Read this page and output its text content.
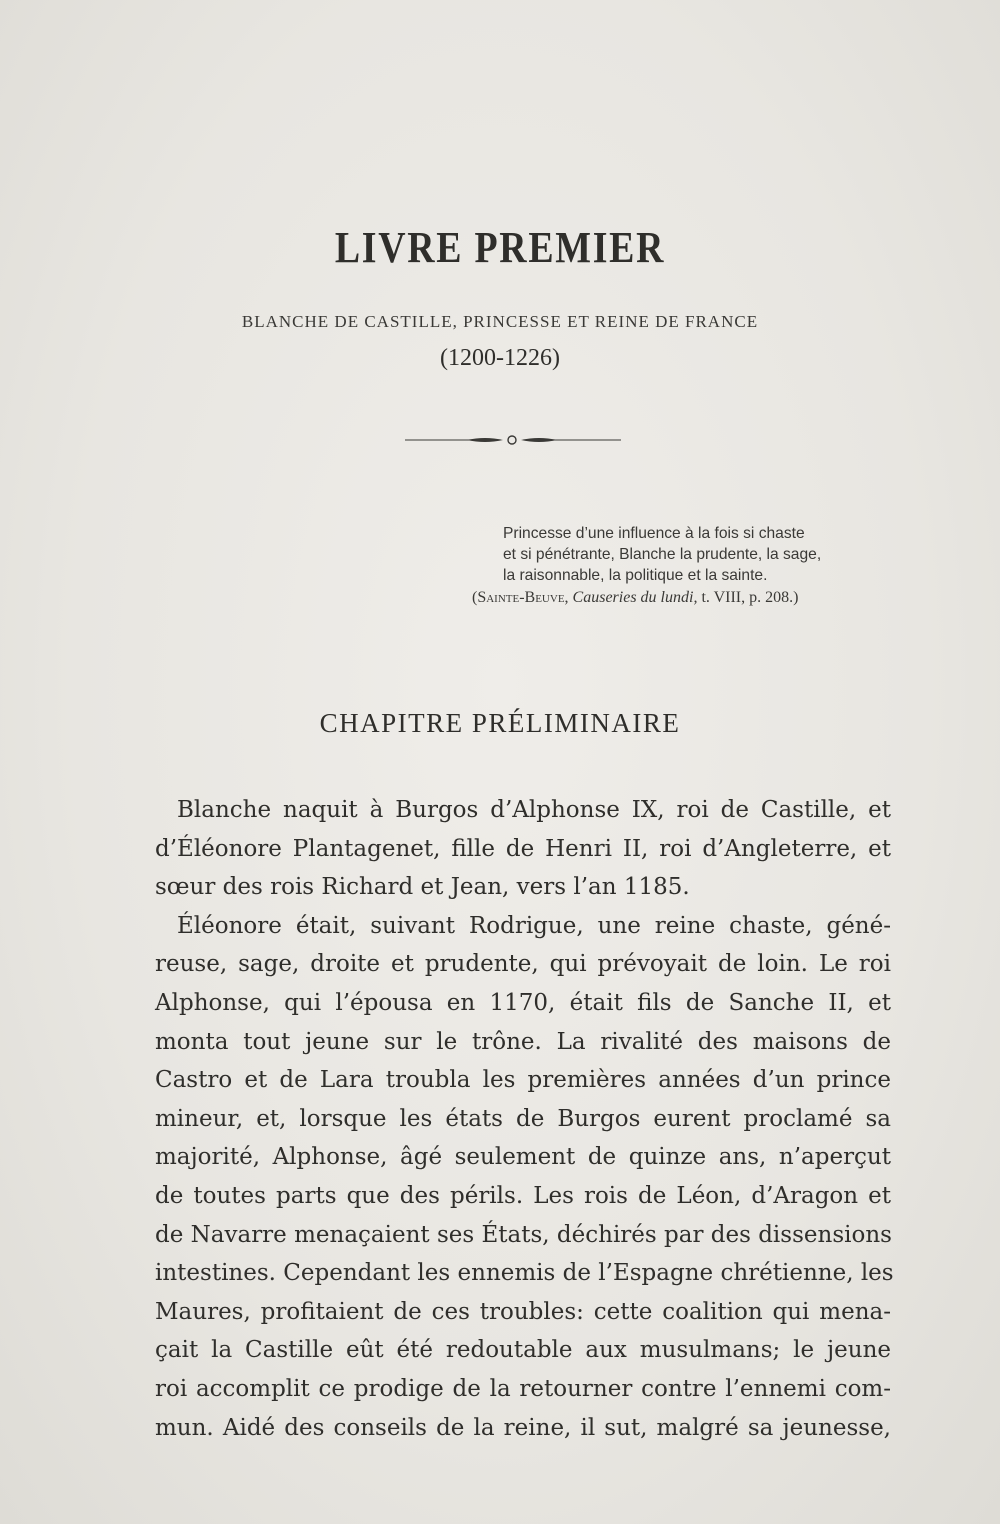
LIVRE PREMIER
BLANCHE DE CASTILLE, PRINCESSE ET REINE DE FRANCE
(1200-1226)
Princesse d’une influence à la fois si chaste
et si pénétrante, Blanche la prudente, la sage,
la raisonnable, la politique et la sainte.
(Sainte-Beuve, Causeries du lundi, t. VIII, p. 208.)
CHAPITRE PRÉLIMINAIRE
Blanche naquit à Burgos d’Alphonse IX, roi de Castille, et
d’Éléonore Plantagenet, fille de Henri II, roi d’Angleterre, et
sœur des rois Richard et Jean, vers l’an 1185.
Éléonore était, suivant Rodrigue, une reine chaste, géné-
reuse, sage, droite et prudente, qui prévoyait de loin. Le roi
Alphonse, qui l’épousa en 1170, était fils de Sanche II, et
monta tout jeune sur le trône. La rivalité des maisons de
Castro et de Lara troubla les premières années d’un prince
mineur, et, lorsque les états de Burgos eurent proclamé sa
majorité, Alphonse, âgé seulement de quinze ans, n’aperçut
de toutes parts que des périls. Les rois de Léon, d’Aragon et
de Navarre menaçaient ses États, déchirés par des dissensions
intestines. Cependant les ennemis de l’Espagne chrétienne, les
Maures, profitaient de ces troubles: cette coalition qui mena-
çait la Castille eût été redoutable aux musulmans; le jeune
roi accomplit ce prodige de la retourner contre l’ennemi com-
mun. Aidé des conseils de la reine, il sut, malgré sa jeunesse,
